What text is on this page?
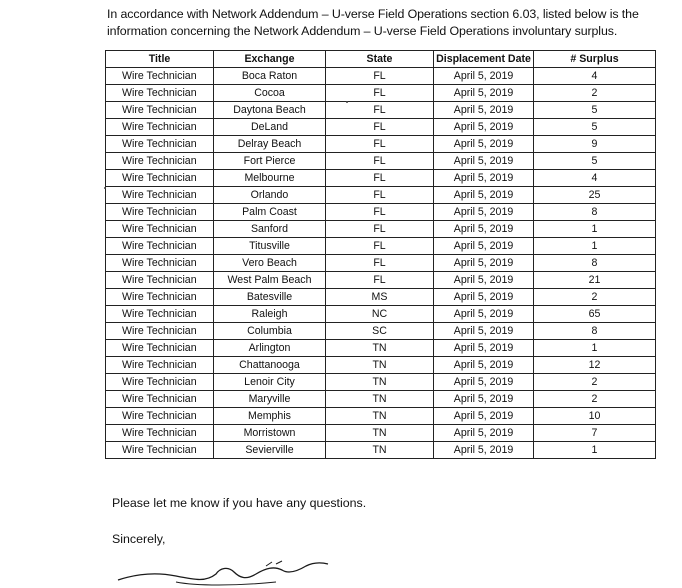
In accordance with Network Addendum – U-verse Field Operations section 6.03, listed below is the
information concerning the Network Addendum – U-verse Field Operations involuntary surplus.
Title	Exchange	State	Displacement Date	# Surplus
Wire Technician	Boca Raton	FL	April 5, 2019	4
Wire Technician	Cocoa	FL	April 5, 2019	2
Wire Technician	Daytona Beach	FL	April 5, 2019	5
Wire Technician	DeLand	FL	April 5, 2019	5
Wire Technician	Delray Beach	FL	April 5, 2019	9
Wire Technician	Fort Pierce	FL	April 5, 2019	5
Wire Technician	Melbourne	FL	April 5, 2019	4
Wire Technician	Orlando	FL	April 5, 2019	25
Wire Technician	Palm Coast	FL	April 5, 2019	8
Wire Technician	Sanford	FL	April 5, 2019	1
Wire Technician	Titusville	FL	April 5, 2019	1
Wire Technician	Vero Beach	FL	April 5, 2019	8
Wire Technician	West Palm Beach	FL	April 5, 2019	21
Wire Technician	Batesville	MS	April 5, 2019	2
Wire Technician	Raleigh	NC	April 5, 2019	65
Wire Technician	Columbia	SC	April 5, 2019	8
Wire Technician	Arlington	TN	April 5, 2019	1
Wire Technician	Chattanooga	TN	April 5, 2019	12
Wire Technician	Lenoir City	TN	April 5, 2019	2
Wire Technician	Maryville	TN	April 5, 2019	2
Wire Technician	Memphis	TN	April 5, 2019	10
Wire Technician	Morristown	TN	April 5, 2019	7
Wire Technician	Sevierville	TN	April 5, 2019	1
Please let me know if you have any questions.
Sincerely,
